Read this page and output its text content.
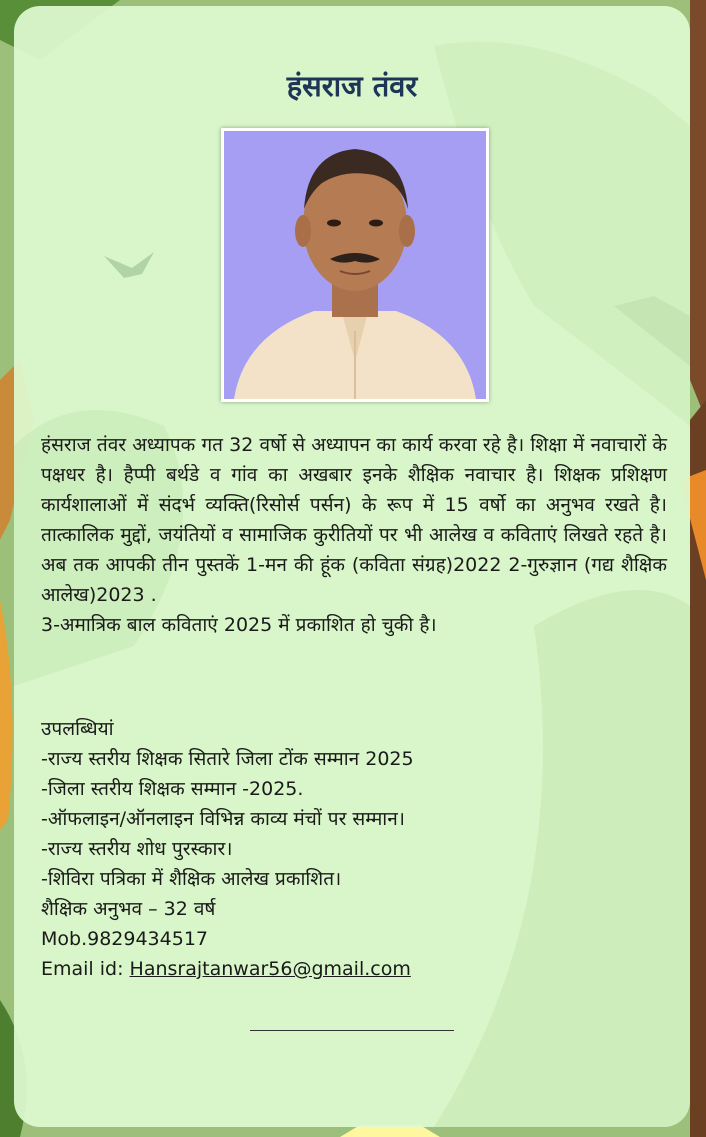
हंसराज तंवर

हंसराज तंवर अध्यापक गत 32 वर्षो से अध्यापन का कार्य करवा रहे है। शिक्षा में नवाचारों के पक्षधर है। हैप्पी बर्थडे व गांव का अखबार इनके शैक्षिक नवाचार है। शिक्षक प्रशिक्षण कार्यशालाओं में संदर्भ व्यक्ति(रिसोर्स पर्सन) के रूप में 15 वर्षो का अनुभव रखते है। तात्कालिक मुद्दों, जयंतियों व सामाजिक कुरीतियों पर भी आलेख व कविताएं लिखते रहते है। अब तक आपकी तीन पुस्तकें 1-मन की हूंक (कविता संग्रह)2022 2-गुरुज्ञान (गद्य शैक्षिक आलेख)2023 .

3-अमात्रिक बाल कविताएं 2025 में प्रकाशित हो चुकी है।

उपलब्धियां
-राज्य स्तरीय शिक्षक सितारे जिला टोंक सम्मान 2025
-जिला स्तरीय शिक्षक सम्मान -2025.
-ऑफलाइन/ऑनलाइन विभिन्न काव्य मंचों पर सम्मान।
-राज्य स्तरीय शोध पुरस्कार।
-शिविरा पत्रिका में शैक्षिक आलेख प्रकाशित।
शैक्षिक अनुभव – 32 वर्ष
Mob.9829434517
Email id: Hansrajtanwar56@gmail.com
